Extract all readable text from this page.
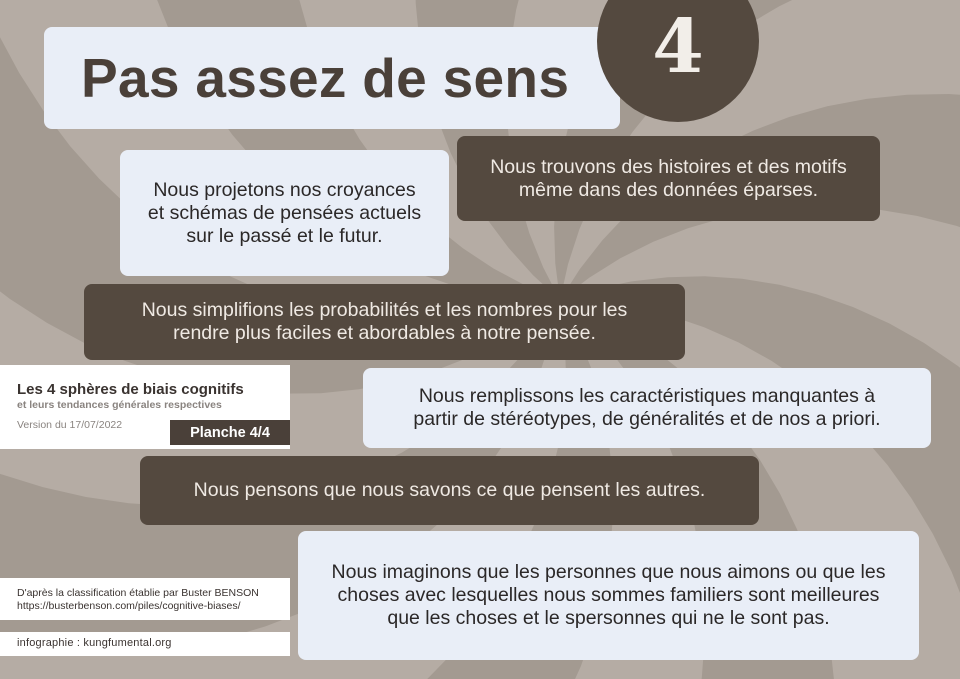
Pas assez de sens	4
Nous projetons nos croyances
et schémas de pensées actuels
sur le passé et le futur.
Nous trouvons des histoires et des motifs
même dans des données éparses.
Nous simplifions les probabilités et les nombres pour les
rendre plus faciles et abordables à notre pensée.
Nous remplissons les caractéristiques manquantes à
partir de stéréotypes, de généralités et de nos a priori.
Nous pensons que nous savons ce que pensent les autres.
Nous imaginons que les personnes que nous aimons ou que les
choses avec lesquelles nous sommes familiers sont meilleures
que les choses et le spersonnes qui ne le sont pas.
Les 4 sphères de biais cognitifs
et leurs tendances générales respectives
Version du 17/07/2022	Planche 4/4
D'après la classification établie par Buster BENSON
https://busterbenson.com/piles/cognitive-biases/
infographie : kungfumental.org
